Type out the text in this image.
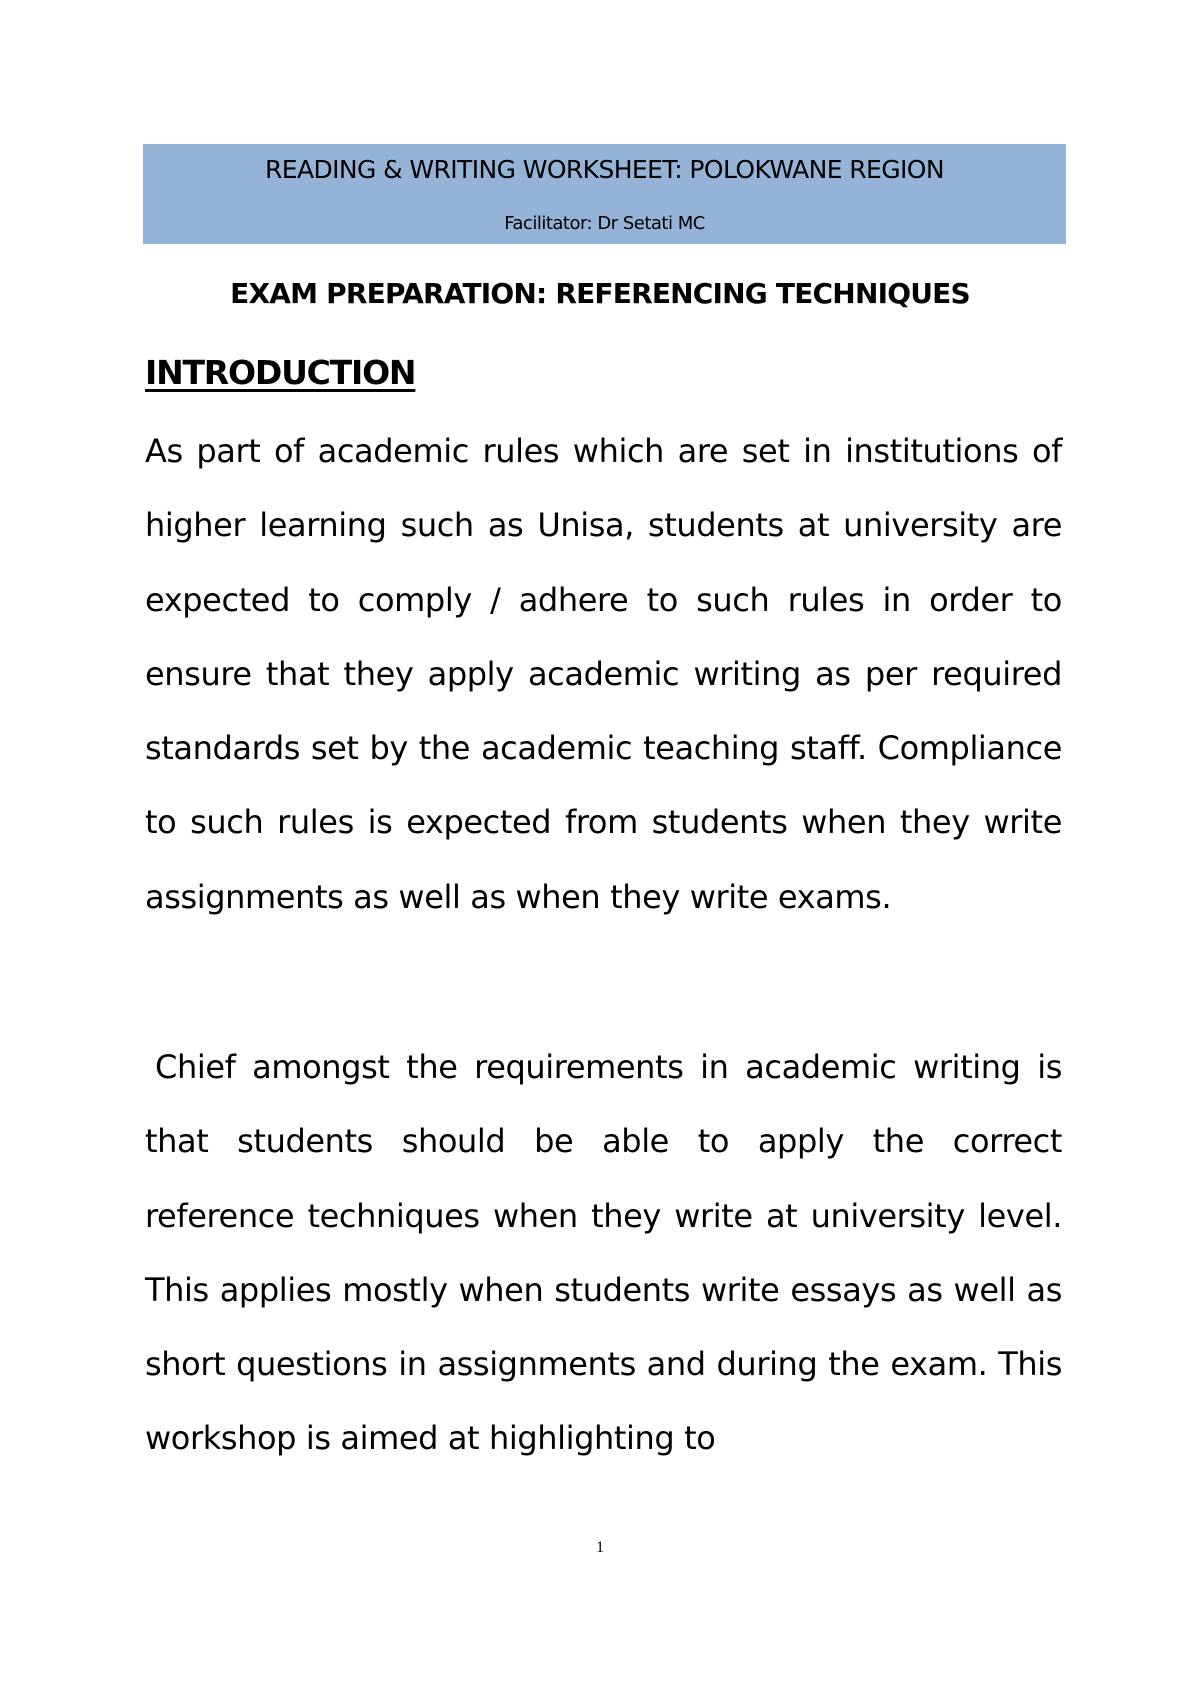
READING & WRITING WORKSHEET: POLOKWANE REGION
Facilitator: Dr Setati MC
EXAM PREPARATION: REFERENCING TECHNIQUES
INTRODUCTION

As part of academic rules which are set in institutions of higher learning such as Unisa, students at university are expected to comply / adhere to such rules in order to ensure that they apply academic writing as per required standards set by the academic teaching staff. Compliance to such rules is expected from students when they write assignments as well as when they write exams.

Chief amongst the requirements in academic writing is that students should be able to apply the correct reference techniques when they write at university level. This applies mostly when students write essays as well as short questions in assignments and during the exam. This workshop is aimed at highlighting to

1
